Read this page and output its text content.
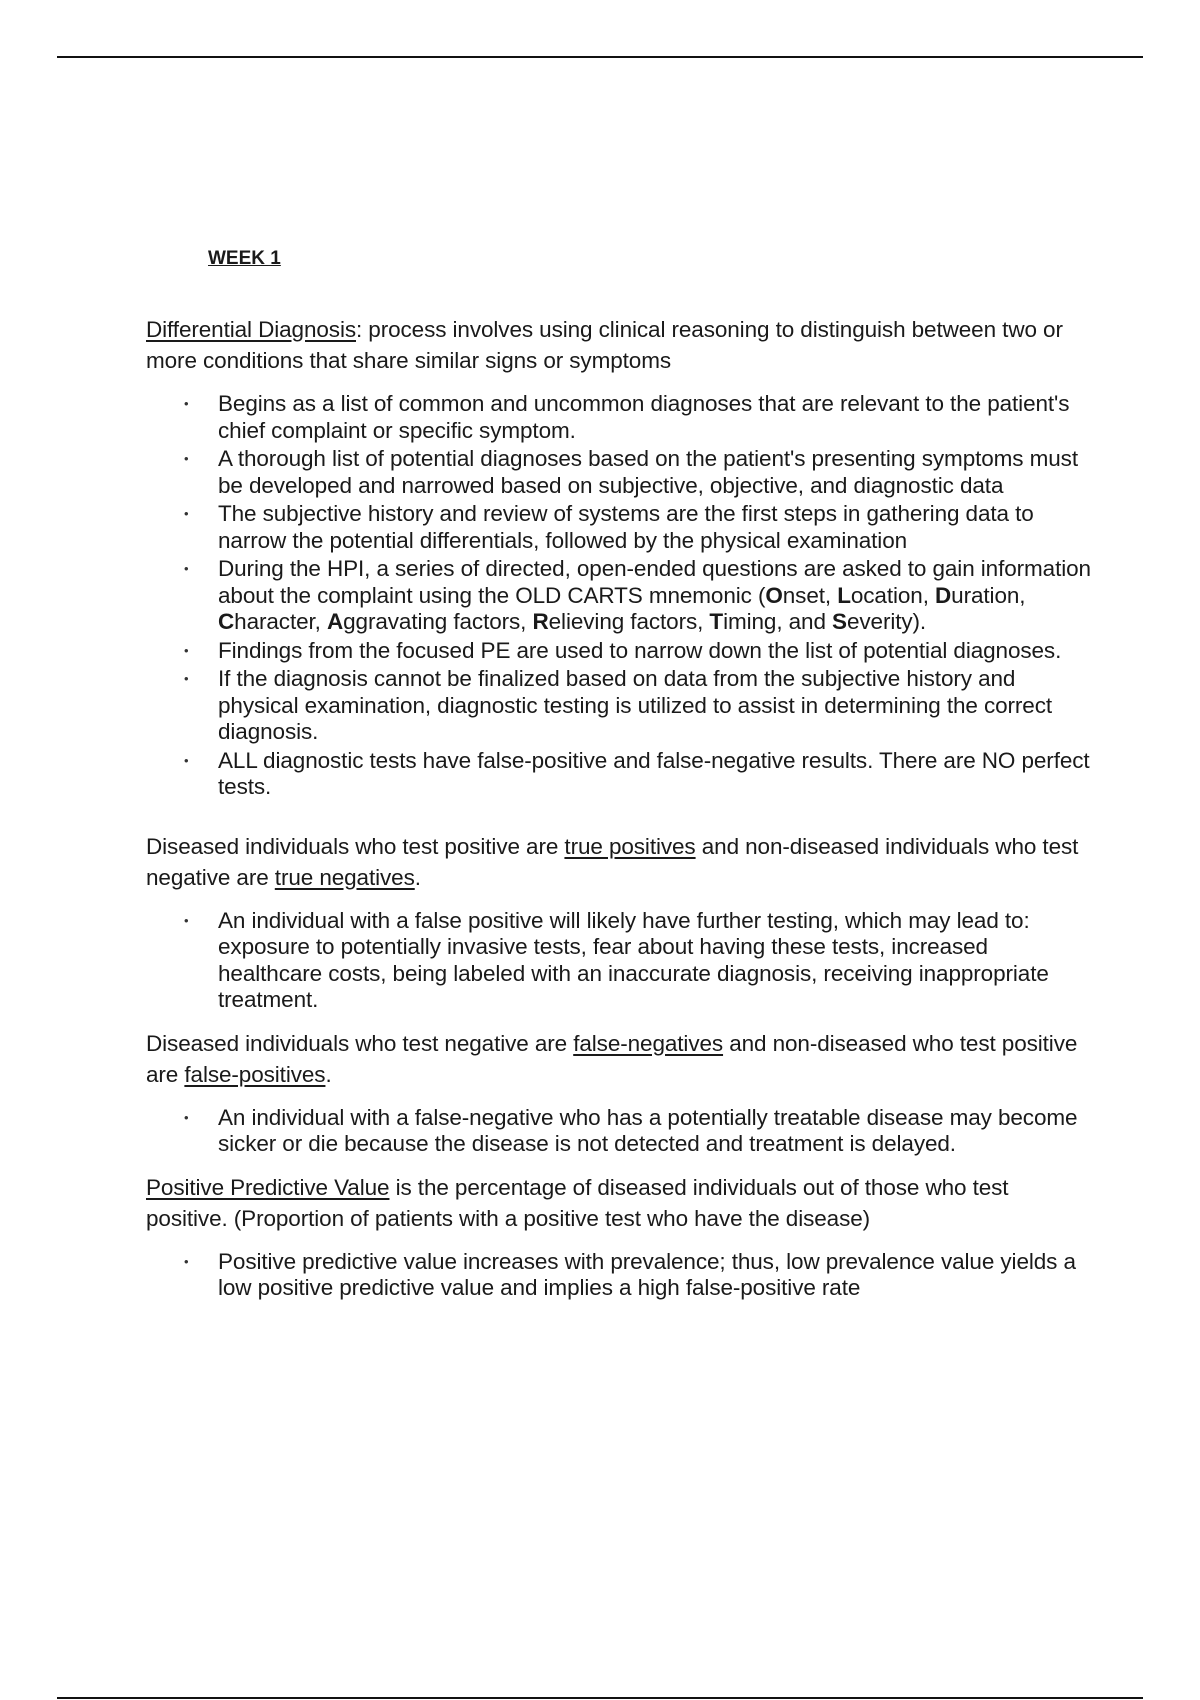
WEEK 1

Differential Diagnosis: process involves using clinical reasoning to distinguish between two or more conditions that share similar signs or symptoms

• Begins as a list of common and uncommon diagnoses that are relevant to the patient's chief complaint or specific symptom.
• A thorough list of potential diagnoses based on the patient's presenting symptoms must be developed and narrowed based on subjective, objective, and diagnostic data
• The subjective history and review of systems are the first steps in gathering data to narrow the potential differentials, followed by the physical examination
• During the HPI, a series of directed, open-ended questions are asked to gain information about the complaint using the OLD CARTS mnemonic (Onset, Location, Duration, Character, Aggravating factors, Relieving factors, Timing, and Severity).
• Findings from the focused PE are used to narrow down the list of potential diagnoses.
• If the diagnosis cannot be finalized based on data from the subjective history and physical examination, diagnostic testing is utilized to assist in determining the correct diagnosis.
• ALL diagnostic tests have false-positive and false-negative results. There are NO perfect tests.

Diseased individuals who test positive are true positives and non-diseased individuals who test negative are true negatives.

• An individual with a false positive will likely have further testing, which may lead to: exposure to potentially invasive tests, fear about having these tests, increased healthcare costs, being labeled with an inaccurate diagnosis, receiving inappropriate treatment.

Diseased individuals who test negative are false-negatives and non-diseased who test positive are false-positives.

• An individual with a false-negative who has a potentially treatable disease may become sicker or die because the disease is not detected and treatment is delayed.

Positive Predictive Value is the percentage of diseased individuals out of those who test positive. (Proportion of patients with a positive test who have the disease)

• Positive predictive value increases with prevalence; thus, low prevalence value yields a low positive predictive value and implies a high false-positive rate
